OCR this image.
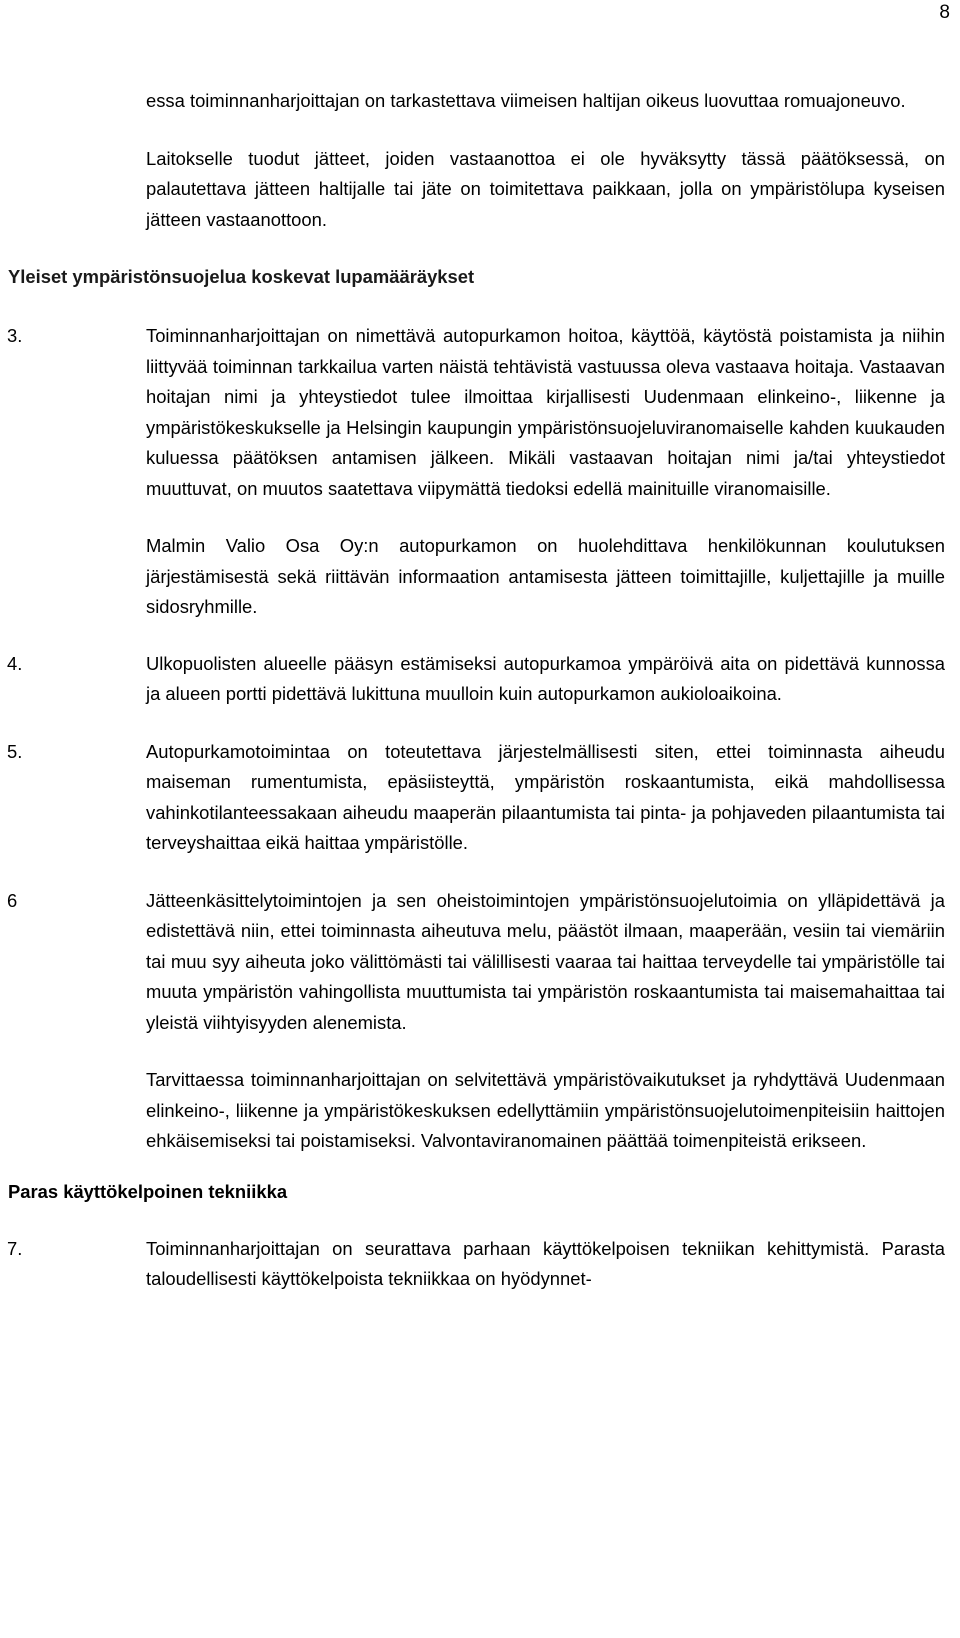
8

essa toiminnanharjoittajan on tarkastettava viimeisen haltijan oikeus luovuttaa romuajoneuvo.

Laitokselle tuodut jätteet, joiden vastaanottoa ei ole hyväksytty tässä päätöksessä, on palautettava jätteen haltijalle tai jäte on toimitettava paikkaan, jolla on ympäristölupa kyseisen jätteen vastaanottoon.

Yleiset ympäristönsuojelua koskevat lupamääräykset
3.	Toiminnanharjoittajan on nimettävä autopurkamon hoitoa, käyttöä, käytöstä poistamista ja niihin liittyvää toiminnan tarkkailua varten näistä tehtävistä vastuussa oleva vastaava hoitaja. Vastaavan hoitajan nimi ja yhteystiedot tulee ilmoittaa kirjallisesti Uudenmaan elinkeino-, liikenne ja ympäristökeskukselle ja Helsingin kaupungin ympäristönsuojeluviranomaiselle kahden kuukauden kuluessa päätöksen antamisen jälkeen. Mikäli vastaavan hoitajan nimi ja/tai yhteystiedot muuttuvat, on muutos saatettava viipymättä tiedoksi edellä mainituille viranomaisille.

Malmin Valio Osa Oy:n autopurkamon on huolehdittava henkilökunnan koulutuksen järjestämisestä sekä riittävän informaation antamisesta jätteen toimittajille, kuljettajille ja muille sidosryhmille.

4.	Ulkopuolisten alueelle pääsyn estämiseksi autopurkamoa ympäröivä aita on pidettävä kunnossa ja alueen portti pidettävä lukittuna muulloin kuin autopurkamon aukioloaikoina.
5.	Autopurkamotoimintaa on toteutettava järjestelmällisesti siten, ettei toiminnasta aiheudu maiseman rumentumista, epäsiisteyttä, ympäristön roskaantumista, eikä mahdollisessa vahinkotilanteessakaan aiheudu maaperän pilaantumista tai pinta- ja pohjaveden pilaantumista tai terveyshaittaa eikä haittaa ympäristölle.
6	Jätteenkäsittelytoimintojen ja sen oheistoimintojen ympäristönsuojelutoimia on ylläpidettävä ja edistettävä niin, ettei toiminnasta aiheutuva melu, päästöt ilmaan, maaperään, vesiin tai viemäriin tai muu syy aiheuta joko välittömästi tai välillisesti vaaraa tai haittaa terveydelle tai ympäristölle tai muuta ympäristön vahingollista muuttumista tai ympäristön roskaantumista tai maisemahaittaa tai yleistä viihtyisyyden alenemista.

Tarvittaessa toiminnanharjoittajan on selvitettävä ympäristövaikutukset ja ryhdyttävä Uudenmaan elinkeino-, liikenne ja ympäristökeskuksen edellyttämiin ympäristönsuojelutoimenpiteisiin haittojen ehkäisemiseksi tai poistamiseksi. Valvontaviranomainen päättää toimenpiteistä erikseen.

Paras käyttökelpoinen tekniikka
7.	Toiminnanharjoittajan on seurattava parhaan käyttökelpoisen tekniikan kehittymistä. Parasta taloudellisesti käyttökelpoista tekniikkaa on hyödynnet-
